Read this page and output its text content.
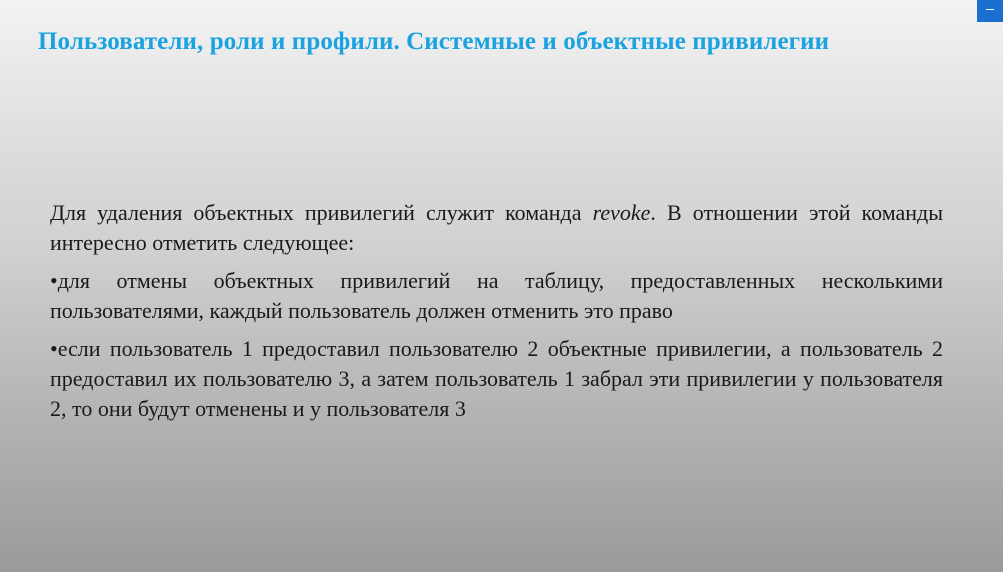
Пользователи, роли и профили. Системные и объектные привилегии

Для удаления объектных привилегий служит команда revoke. В отношении этой команды интересно отметить следующее:

•для отмены объектных привилегий на таблицу, предоставленных несколькими пользователями, каждый пользователь должен отменить это право

•если пользователь 1 предоставил пользователю 2 объектные привилегии, а пользователь 2 предоставил их пользователю 3, а затем пользователь 1 забрал эти привилегии у пользователя 2, то они будут отменены и у пользователя 3
